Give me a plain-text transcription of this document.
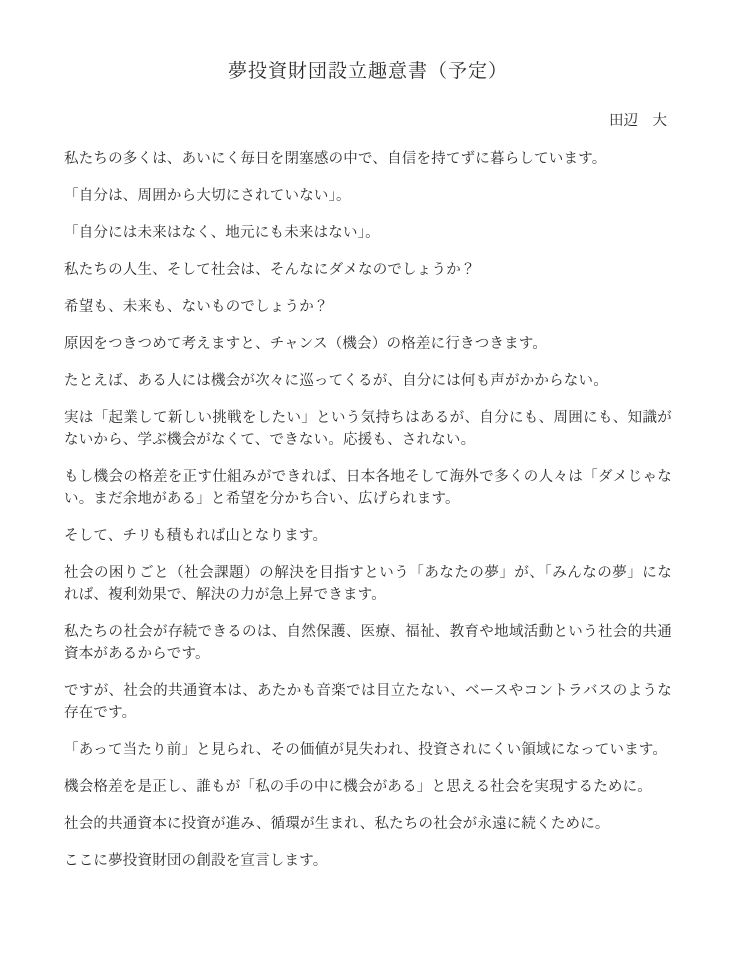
夢投資財団設立趣意書（予定）
田辺　大

私たちの多くは、あいにく毎日を閉塞感の中で、自信を持てずに暮らしています。

「自分は、周囲から大切にされていない」。

「自分には未来はなく、地元にも未来はない」。

私たちの人生、そして社会は、そんなにダメなのでしょうか？

希望も、未来も、ないものでしょうか？

原因をつきつめて考えますと、チャンス（機会）の格差に行きつきます。

たとえば、ある人には機会が次々に巡ってくるが、自分には何も声がかからない。

実は「起業して新しい挑戦をしたい」という気持ちはあるが、自分にも、周囲にも、知識がないから、学ぶ機会がなくて、できない。応援も、されない。

もし機会の格差を正す仕組みができれば、日本各地そして海外で多くの人々は「ダメじゃない。まだ余地がある」と希望を分かち合い、広げられます。

そして、チリも積もれば山となります。

社会の困りごと（社会課題）の解決を目指すという「あなたの夢」が、「みんなの夢」になれば、複利効果で、解決の力が急上昇できます。

私たちの社会が存続できるのは、自然保護、医療、福祉、教育や地域活動という社会的共通資本があるからです。

ですが、社会的共通資本は、あたかも音楽では目立たない、ベースやコントラバスのような存在です。

「あって当たり前」と見られ、その価値が見失われ、投資されにくい領域になっています。

機会格差を是正し、誰もが「私の手の中に機会がある」と思える社会を実現するために。

社会的共通資本に投資が進み、循環が生まれ、私たちの社会が永遠に続くために。

ここに夢投資財団の創設を宣言します。
